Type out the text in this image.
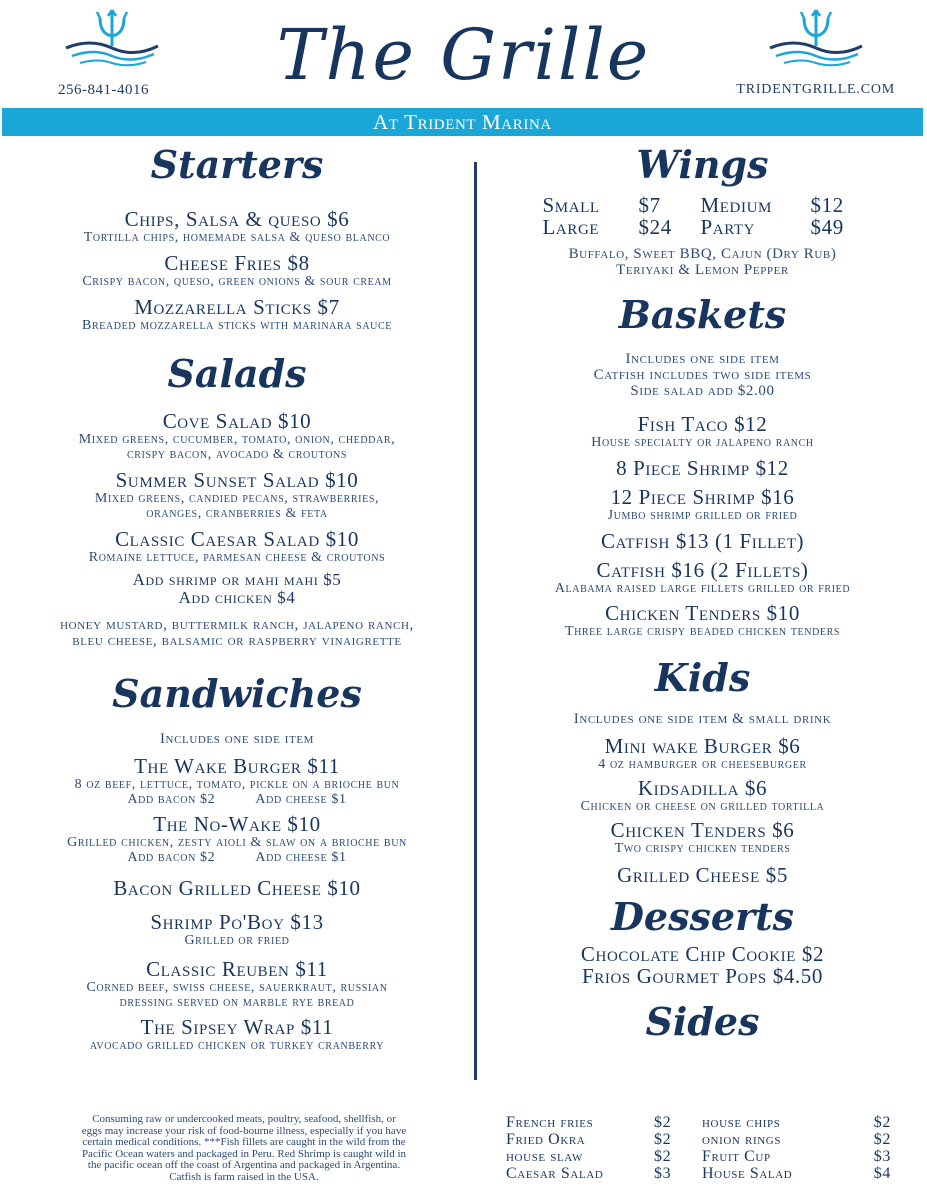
The Grille
256-841-4016	TRIDENTGRILLE.COM
At Trident Marina
Starters
Chips, Salsa & queso $6
Tortilla chips, homemade salsa & queso blanco
Cheese Fries $8
Crispy bacon, queso, green onions & sour cream
Mozzarella Sticks $7
Breaded mozzarella sticks with marinara sauce
Salads
Cove Salad $10
Mixed greens, cucumber, tomato, onion, cheddar,
crispy bacon, avocado & croutons
Summer Sunset Salad $10
Mixed greens, candied pecans, strawberries,
oranges, cranberries & feta
Classic Caesar Salad $10
Romaine lettuce, parmesan cheese & croutons
Add shrimp or mahi mahi $5
Add chicken $4
honey mustard, buttermilk ranch, jalapeno ranch,
bleu cheese, balsamic or raspberry vinaigrette
Sandwiches
Includes one side item
The Wake Burger $11
8 oz beef, lettuce, tomato, pickle on a brioche bun
Add bacon $2          Add cheese $1
The No-Wake $10
Grilled chicken, zesty aioli & slaw on a brioche bun
Add bacon $2          Add cheese $1
Bacon Grilled Cheese $10
Shrimp Po'Boy $13
Grilled or fried
Classic Reuben $11
Corned beef, swiss cheese, sauerkraut, russian
dressing served on marble rye bread
The Sipsey Wrap $11
avocado grilled chicken or turkey cranberry
Wings
Small	$7	Medium	$12
Large	$24	Party	$49
Buffalo, Sweet BBQ, Cajun (Dry Rub)
Teriyaki & Lemon Pepper
Baskets
Includes one side item
Catfish includes two side items
Side salad add $2.00
Fish Taco $12
House specialty or jalapeno ranch
8 Piece Shrimp $12
12 Piece Shrimp $16
Jumbo shrimp grilled or fried
Catfish $13 (1 Fillet)
Catfish $16 (2 Fillets)
Alabama raised large fillets grilled or fried
Chicken Tenders $10
Three large crispy beaded chicken tenders
Kids
Includes one side item & small drink
Mini wake Burger $6
4 oz hamburger or cheeseburger
Kidsadilla $6
Chicken or cheese on grilled tortilla
Chicken Tenders $6
Two crispy chicken tenders
Grilled Cheese $5
Desserts
Chocolate Chip Cookie $2
Frios Gourmet Pops $4.50
Sides
French fries	$2	house chips	$2
Fried Okra	$2	onion rings	$2
house slaw	$2	Fruit Cup	$3
Caesar Salad	$3	House Salad	$4
Consuming raw or undercooked meats, poultry, seafood, shellfish, or
eggs may increase your risk of food-bourne illness, especially if you have
certain medical conditions. ***Fish fillets are caught in the wild from the
Pacific Ocean waters and packaged in Peru. Red Shrimp is caught wild in
the pacific ocean off the coast of Argentina and packaged in Argentina.
Catfish is farm raised in the USA.
